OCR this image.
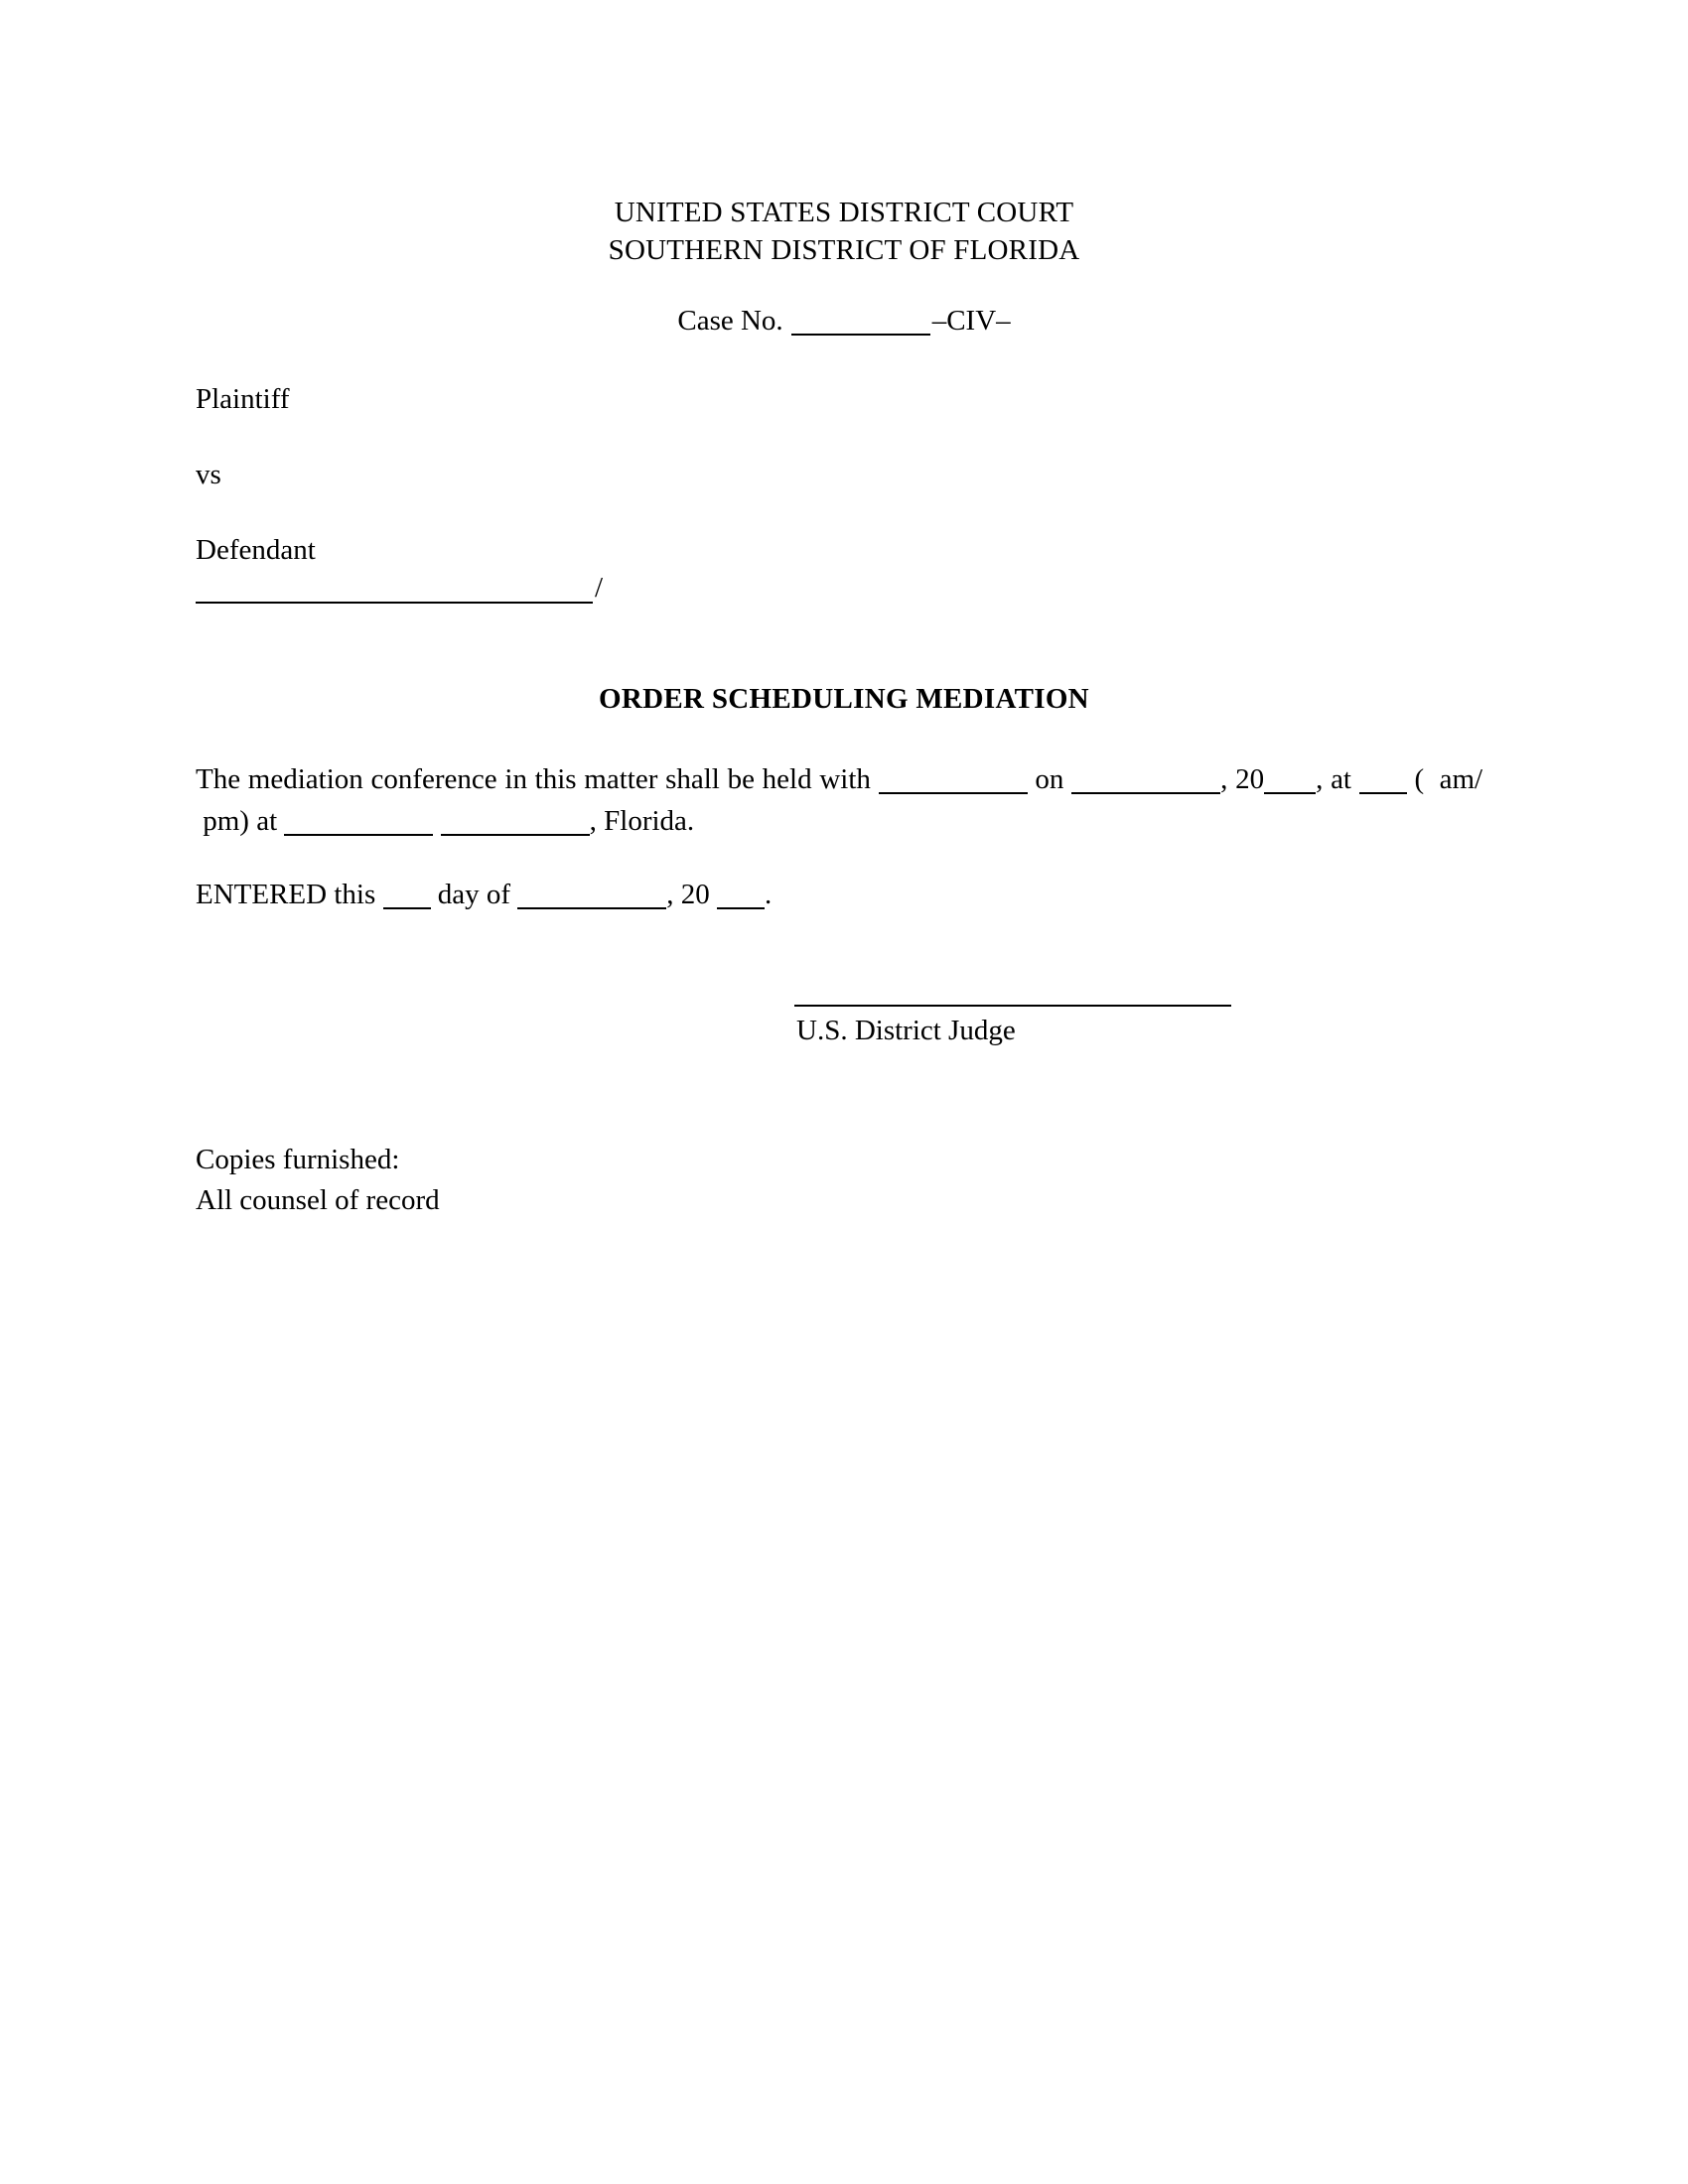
UNITED STATES DISTRICT COURT
SOUTHERN DISTRICT OF FLORIDA
Case No.	–CIV–
Plaintiff
vs
Defendant
/
ORDER SCHEDULING MEDIATION
The mediation conference in this matter shall be held with	on	, 20 , at ( am/  pm) at	, Florida.
ENTERED this day of	, 20 .
U.S. District Judge
Copies furnished:
All counsel of record
